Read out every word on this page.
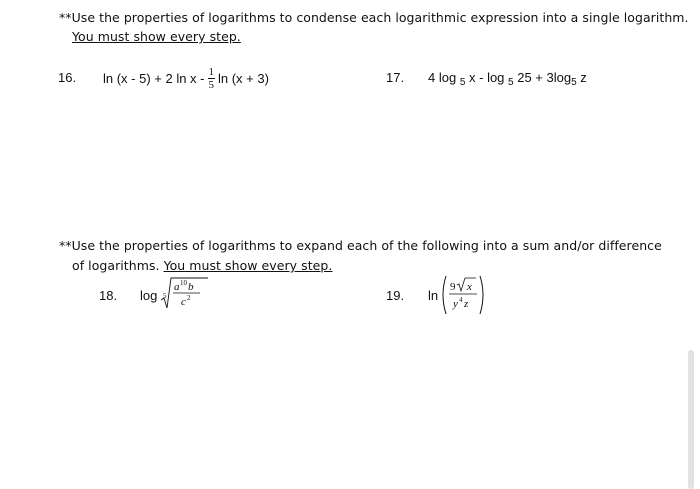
**Use the properties of logarithms to condense each logarithmic expression into a single logarithm.
You must show every step.
16. ln (x - 5) + 2 ln x - $\frac{1}{5}$ ln (x + 3)	17. 4 log $_5$ x - log $_5$ $25 + 3\log_5$ z
**Use the properties of logarithms to expand each of the following into a sum and/or difference
of logarithms. You must show every step.
18. log 5
a 10 b
c 2	19. ln
9 x
y 4 z
